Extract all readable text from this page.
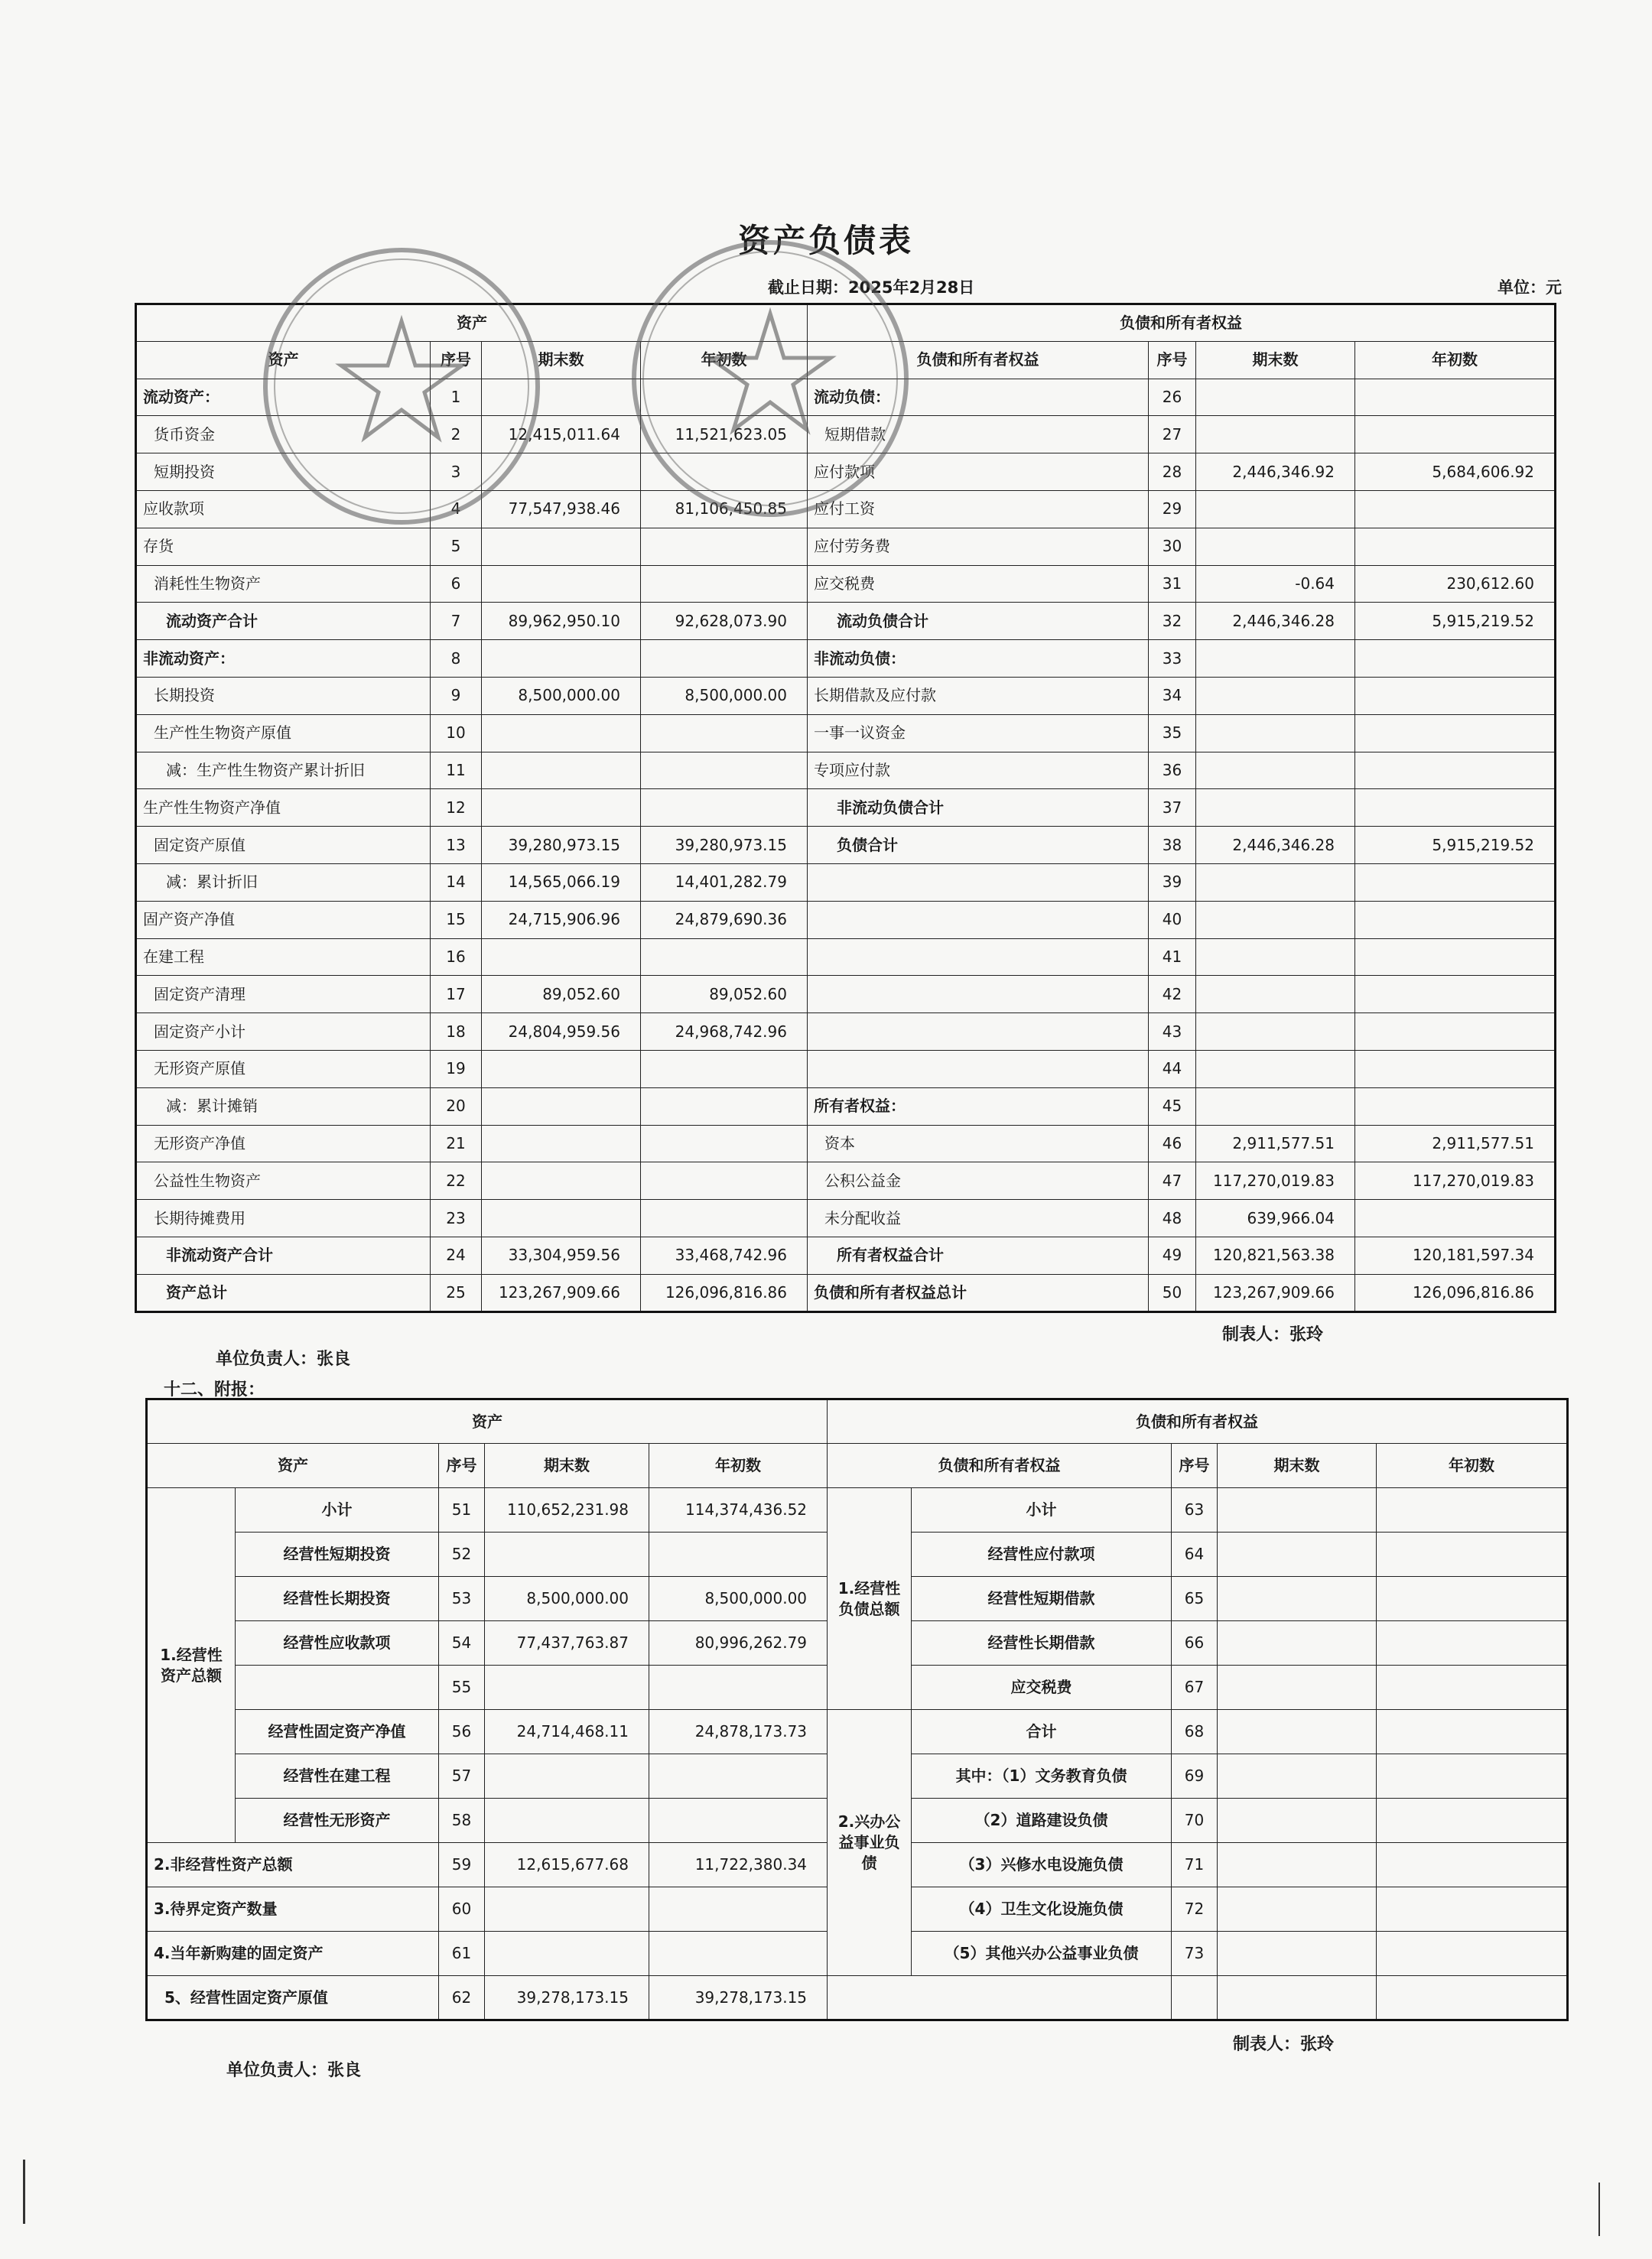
资产负债表
截止日期：2025年2月28日	单位：元
资产				负债和所有者权益			
资产	序号	期末数	年初数	负债和所有者权益	序号	期末数	年初数
流动资产：	1			流动负债：	26		
货币资金	2	12,415,011.64	11,521,623.05	短期借款	27		
短期投资	3			应付款项	28	2,446,346.92	5,684,606.92
应收款项	4	77,547,938.46	81,106,450.85	应付工资	29		
存货	5			应付劳务费	30		
消耗性生物资产	6			应交税费	31	-0.64	230,612.60
流动资产合计	7	89,962,950.10	92,628,073.90	流动负债合计	32	2,446,346.28	5,915,219.52
非流动资产：	8			非流动负债：	33		
长期投资	9	8,500,000.00	8,500,000.00	长期借款及应付款	34		
生产性生物资产原值	10			一事一议资金	35		
减：生产性生物资产累计折旧	11			专项应付款	36		
生产性生物资产净值	12			非流动负债合计	37		
固定资产原值	13	39,280,973.15	39,280,973.15	负债合计	38	2,446,346.28	5,915,219.52
减：累计折旧	14	14,565,066.19	14,401,282.79		39		
固产资产净值	15	24,715,906.96	24,879,690.36		40		
在建工程	16				41		
固定资产清理	17	89,052.60	89,052.60		42		
固定资产小计	18	24,804,959.56	24,968,742.96		43		
无形资产原值	19				44		
减：累计摊销	20			所有者权益：	45		
无形资产净值	21			资本	46	2,911,577.51	2,911,577.51
公益性生物资产	22			公积公益金	47	117,270,019.83	117,270,019.83
长期待摊费用	23			未分配收益	48	639,966.04	
非流动资产合计	24	33,304,959.56	33,468,742.96	所有者权益合计	49	120,821,563.38	120,181,597.34
资产总计	25	123,267,909.66	126,096,816.86	负债和所有者权益总计	50	123,267,909.66	126,096,816.86
单位负责人：张良
制表人：张玲
十二、附报：
资产					负债和所有者权益				
资产		序号	期末数	年初数	负债和所有者权益		序号	期末数	年初数
1.经营性资产总额	小计	51	110,652,231.98	114,374,436.52	1.经营性负债总额	小计	63		
	经营性短期投资	52				经营性应付款项	64		
	经营性长期投资	53	8,500,000.00	8,500,000.00		经营性短期借款	65		
	经营性应收款项	54	77,437,763.87	80,996,262.79		经营性长期借款	66		
		55				应交税费	67		
	经营性固定资产净值	56	24,714,468.11	24,878,173.73	2.兴办公益事业负债	合计	68		
	经营性在建工程	57				其中：（1）文务教育负债	69		
	经营性无形资产	58				（2）道路建设负债	70		
2.非经营性资产总额		59	12,615,677.68	11,722,380.34		（3）兴修水电设施负债	71		
3.待界定资产数量		60				（4）卫生文化设施负债	72		
4.当年新购建的固定资产		61				（5）其他兴办公益事业负债	73		
5、经营性固定资产原值		62	39,278,173.15	39,278,173.15					
单位负责人：张良
制表人：张玲
